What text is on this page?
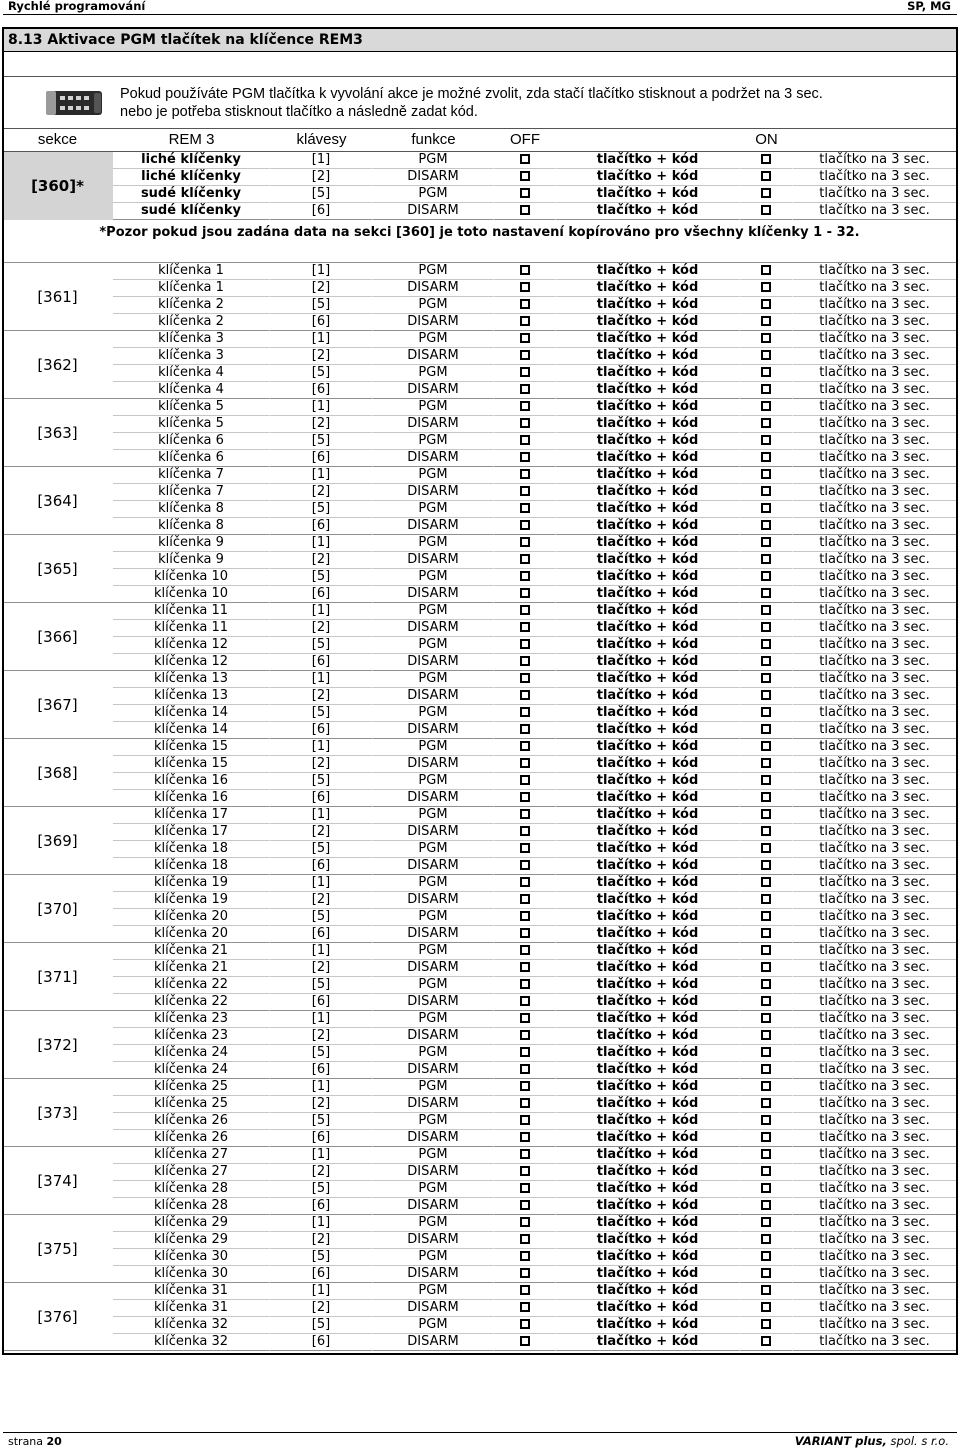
Rychlé programování	SP, MG
8.13 Aktivace PGM tlačítek na klíčence REM3
Pokud používáte PGM tlačítka k vyvolání akce je možné zvolit, zda stačí tlačítko stisknout a podržet na 3 sec.
nebo je potřeba stisknout tlačítko a následně zadat kód.
sekce	REM 3	klávesy	funkce	OFF	ON
[360]*
liché klíčenky	[1]	PGM	tlačítko + kód	tlačítko na 3 sec.
liché klíčenky	[2]	DISARM	tlačítko + kód	tlačítko na 3 sec.
sudé klíčenky	[5]	PGM	tlačítko + kód	tlačítko na 3 sec.
sudé klíčenky	[6]	DISARM	tlačítko + kód	tlačítko na 3 sec.
*Pozor pokud jsou zadána data na sekci [360] je toto nastavení kopírováno pro všechny klíčenky 1 - 32.
[361]
klíčenka 1	[1]	PGM	tlačítko + kód	tlačítko na 3 sec.
klíčenka 1	[2]	DISARM	tlačítko + kód	tlačítko na 3 sec.
klíčenka 2	[5]	PGM	tlačítko + kód	tlačítko na 3 sec.
klíčenka 2	[6]	DISARM	tlačítko + kód	tlačítko na 3 sec.
[362]
klíčenka 3	[1]	PGM	tlačítko + kód	tlačítko na 3 sec.
klíčenka 3	[2]	DISARM	tlačítko + kód	tlačítko na 3 sec.
klíčenka 4	[5]	PGM	tlačítko + kód	tlačítko na 3 sec.
klíčenka 4	[6]	DISARM	tlačítko + kód	tlačítko na 3 sec.
[363]
klíčenka 5	[1]	PGM	tlačítko + kód	tlačítko na 3 sec.
klíčenka 5	[2]	DISARM	tlačítko + kód	tlačítko na 3 sec.
klíčenka 6	[5]	PGM	tlačítko + kód	tlačítko na 3 sec.
klíčenka 6	[6]	DISARM	tlačítko + kód	tlačítko na 3 sec.
[364]
klíčenka 7	[1]	PGM	tlačítko + kód	tlačítko na 3 sec.
klíčenka 7	[2]	DISARM	tlačítko + kód	tlačítko na 3 sec.
klíčenka 8	[5]	PGM	tlačítko + kód	tlačítko na 3 sec.
klíčenka 8	[6]	DISARM	tlačítko + kód	tlačítko na 3 sec.
[365]
klíčenka 9	[1]	PGM	tlačítko + kód	tlačítko na 3 sec.
klíčenka 9	[2]	DISARM	tlačítko + kód	tlačítko na 3 sec.
klíčenka 10	[5]	PGM	tlačítko + kód	tlačítko na 3 sec.
klíčenka 10	[6]	DISARM	tlačítko + kód	tlačítko na 3 sec.
[366]
klíčenka 11	[1]	PGM	tlačítko + kód	tlačítko na 3 sec.
klíčenka 11	[2]	DISARM	tlačítko + kód	tlačítko na 3 sec.
klíčenka 12	[5]	PGM	tlačítko + kód	tlačítko na 3 sec.
klíčenka 12	[6]	DISARM	tlačítko + kód	tlačítko na 3 sec.
[367]
klíčenka 13	[1]	PGM	tlačítko + kód	tlačítko na 3 sec.
klíčenka 13	[2]	DISARM	tlačítko + kód	tlačítko na 3 sec.
klíčenka 14	[5]	PGM	tlačítko + kód	tlačítko na 3 sec.
klíčenka 14	[6]	DISARM	tlačítko + kód	tlačítko na 3 sec.
[368]
klíčenka 15	[1]	PGM	tlačítko + kód	tlačítko na 3 sec.
klíčenka 15	[2]	DISARM	tlačítko + kód	tlačítko na 3 sec.
klíčenka 16	[5]	PGM	tlačítko + kód	tlačítko na 3 sec.
klíčenka 16	[6]	DISARM	tlačítko + kód	tlačítko na 3 sec.
[369]
klíčenka 17	[1]	PGM	tlačítko + kód	tlačítko na 3 sec.
klíčenka 17	[2]	DISARM	tlačítko + kód	tlačítko na 3 sec.
klíčenka 18	[5]	PGM	tlačítko + kód	tlačítko na 3 sec.
klíčenka 18	[6]	DISARM	tlačítko + kód	tlačítko na 3 sec.
[370]
klíčenka 19	[1]	PGM	tlačítko + kód	tlačítko na 3 sec.
klíčenka 19	[2]	DISARM	tlačítko + kód	tlačítko na 3 sec.
klíčenka 20	[5]	PGM	tlačítko + kód	tlačítko na 3 sec.
klíčenka 20	[6]	DISARM	tlačítko + kód	tlačítko na 3 sec.
[371]
klíčenka 21	[1]	PGM	tlačítko + kód	tlačítko na 3 sec.
klíčenka 21	[2]	DISARM	tlačítko + kód	tlačítko na 3 sec.
klíčenka 22	[5]	PGM	tlačítko + kód	tlačítko na 3 sec.
klíčenka 22	[6]	DISARM	tlačítko + kód	tlačítko na 3 sec.
[372]
klíčenka 23	[1]	PGM	tlačítko + kód	tlačítko na 3 sec.
klíčenka 23	[2]	DISARM	tlačítko + kód	tlačítko na 3 sec.
klíčenka 24	[5]	PGM	tlačítko + kód	tlačítko na 3 sec.
klíčenka 24	[6]	DISARM	tlačítko + kód	tlačítko na 3 sec.
[373]
klíčenka 25	[1]	PGM	tlačítko + kód	tlačítko na 3 sec.
klíčenka 25	[2]	DISARM	tlačítko + kód	tlačítko na 3 sec.
klíčenka 26	[5]	PGM	tlačítko + kód	tlačítko na 3 sec.
klíčenka 26	[6]	DISARM	tlačítko + kód	tlačítko na 3 sec.
[374]
klíčenka 27	[1]	PGM	tlačítko + kód	tlačítko na 3 sec.
klíčenka 27	[2]	DISARM	tlačítko + kód	tlačítko na 3 sec.
klíčenka 28	[5]	PGM	tlačítko + kód	tlačítko na 3 sec.
klíčenka 28	[6]	DISARM	tlačítko + kód	tlačítko na 3 sec.
[375]
klíčenka 29	[1]	PGM	tlačítko + kód	tlačítko na 3 sec.
klíčenka 29	[2]	DISARM	tlačítko + kód	tlačítko na 3 sec.
klíčenka 30	[5]	PGM	tlačítko + kód	tlačítko na 3 sec.
klíčenka 30	[6]	DISARM	tlačítko + kód	tlačítko na 3 sec.
[376]
klíčenka 31	[1]	PGM	tlačítko + kód	tlačítko na 3 sec.
klíčenka 31	[2]	DISARM	tlačítko + kód	tlačítko na 3 sec.
klíčenka 32	[5]	PGM	tlačítko + kód	tlačítko na 3 sec.
klíčenka 32	[6]	DISARM	tlačítko + kód	tlačítko na 3 sec.
strana 20	VARIANT plus, spol. s r.o.
